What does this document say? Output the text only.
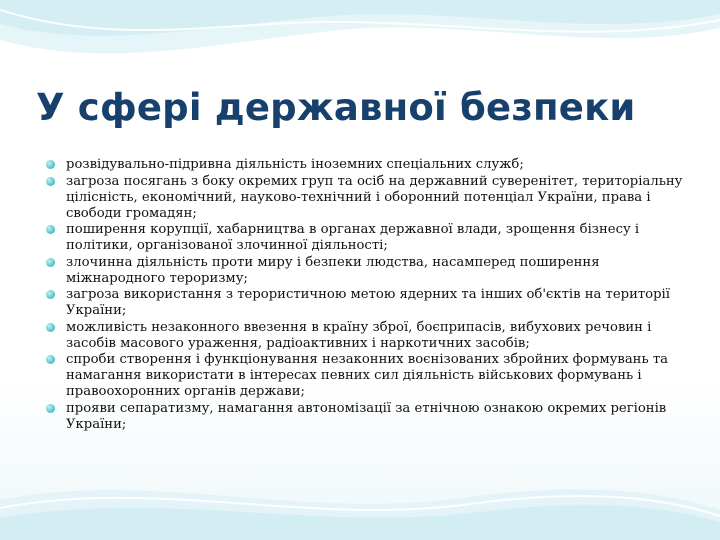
У сфері державної безпеки
розвідувально-підривна діяльність іноземних спеціальних служб;
загроза посягань з боку окремих груп та осіб на державний суверенітет, територіальну цілісність, економічний, науково-технічний і оборонний потенціал України, права і свободи громадян;
поширення корупції, хабарництва в органах державної влади, зрощення бізнесу і політики, організованої злочинної діяльності;
злочинна діяльність проти миру і безпеки людства, насамперед поширення міжнародного тероризму;
загроза використання з терористичною метою ядерних та інших об'єктів на території України;
можливість незаконного ввезення в країну зброї, боєприпасів, вибухових речовин і засобів масового ураження, радіоактивних і наркотичних засобів;
спроби створення і функціонування незаконних воєнізованих збройних формувань та намагання використати в інтересах певних сил діяльність військових формувань і правоохоронних органів держави;
прояви сепаратизму, намагання автономізації за етнічною ознакою окремих регіонів України;
